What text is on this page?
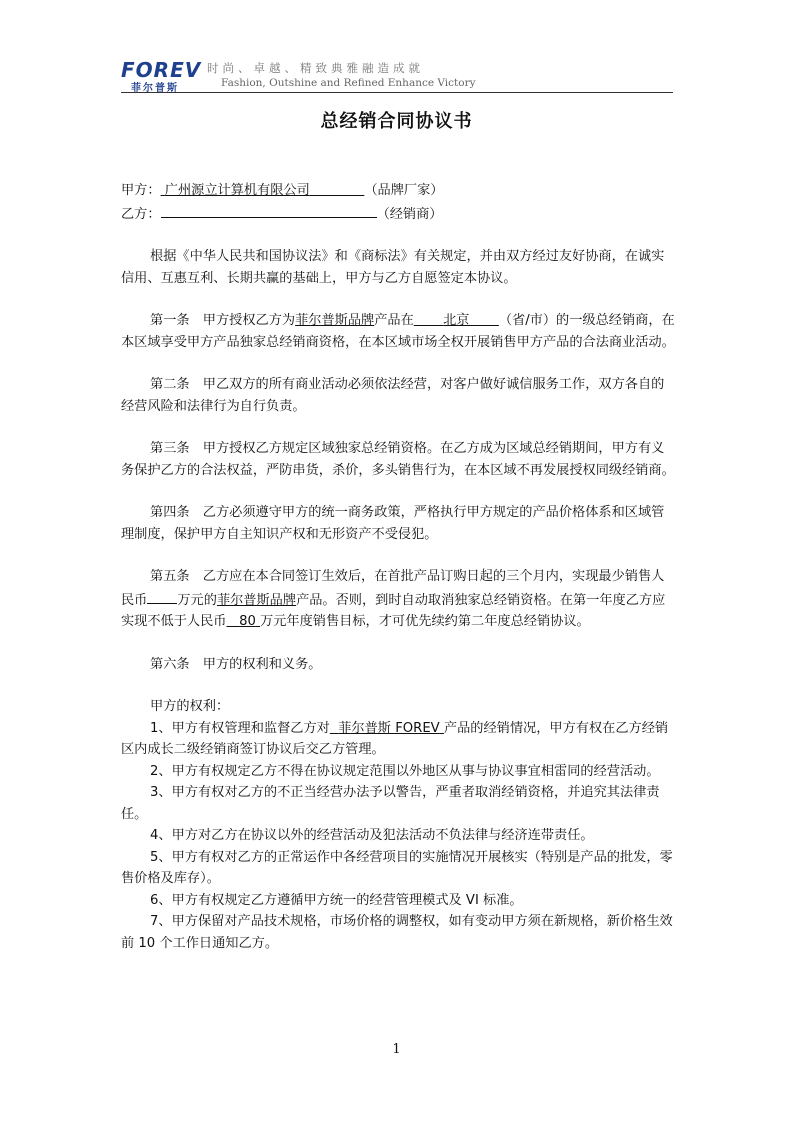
FOREV
菲尔普斯
时尚、卓越、精致典雅融造成就
Fashion, Outshine and Refined Enhance Victory
总经销合同协议书

甲方： 广州源立计算机有限公司	（品牌厂家）

乙方：	（经销商）

根据《中华人民共和国协议法》和《商标法》有关规定，并由双方经过友好协商，在诚实信用、互惠互利、长期共赢的基础上，甲方与乙方自愿签定本协议。

第一条　甲方授权乙方为菲尔普斯品牌产品在 北京 （省/市）的一级总经销商，在本区域享受甲方产品独家总经销商资格，在本区域市场全权开展销售甲方产品的合法商业活动。

第二条　甲乙双方的所有商业活动必须依法经营，对客户做好诚信服务工作，双方各自的经营风险和法律行为自行负责。

第三条　甲方授权乙方规定区域独家总经销资格。在乙方成为区域总经销期间，甲方有义务保护乙方的合法权益，严防串货，杀价，多头销售行为，在本区域不再发展授权同级经销商。

第四条　乙方必须遵守甲方的统一商务政策，严格执行甲方规定的产品价格体系和区域管理制度，保护甲方自主知识产权和无形资产不受侵犯。

第五条　乙方应在本合同签订生效后，在首批产品订购日起的三个月内，实现最少销售人民币 万元的菲尔普斯品牌产品。否则，到时自动取消独家总经销资格。在第一年度乙方应实现不低于人民币 80 万元年度销售目标，才可优先续约第二年度总经销协议。

第六条　甲方的权利和义务。

甲方的权利：

1、甲方有权管理和监督乙方对 菲尔普斯 FOREV 产品的经销情况，甲方有权在乙方经销区内成长二级经销商签订协议后交乙方管理。

2、甲方有权规定乙方不得在协议规定范围以外地区从事与协议事宜相雷同的经营活动。

3、甲方有权对乙方的不正当经营办法予以警告，严重者取消经销资格，并追究其法律责任。

4、甲方对乙方在协议以外的经营活动及犯法活动不负法律与经济连带责任。

5、甲方有权对乙方的正常运作中各经营项目的实施情况开展核实（特别是产品的批发，零售价格及库存）。

6、甲方有权规定乙方遵循甲方统一的经营管理模式及 VI 标准。

7、甲方保留对产品技术规格，市场价格的调整权，如有变动甲方须在新规格，新价格生效前 10 个工作日通知乙方。

1
